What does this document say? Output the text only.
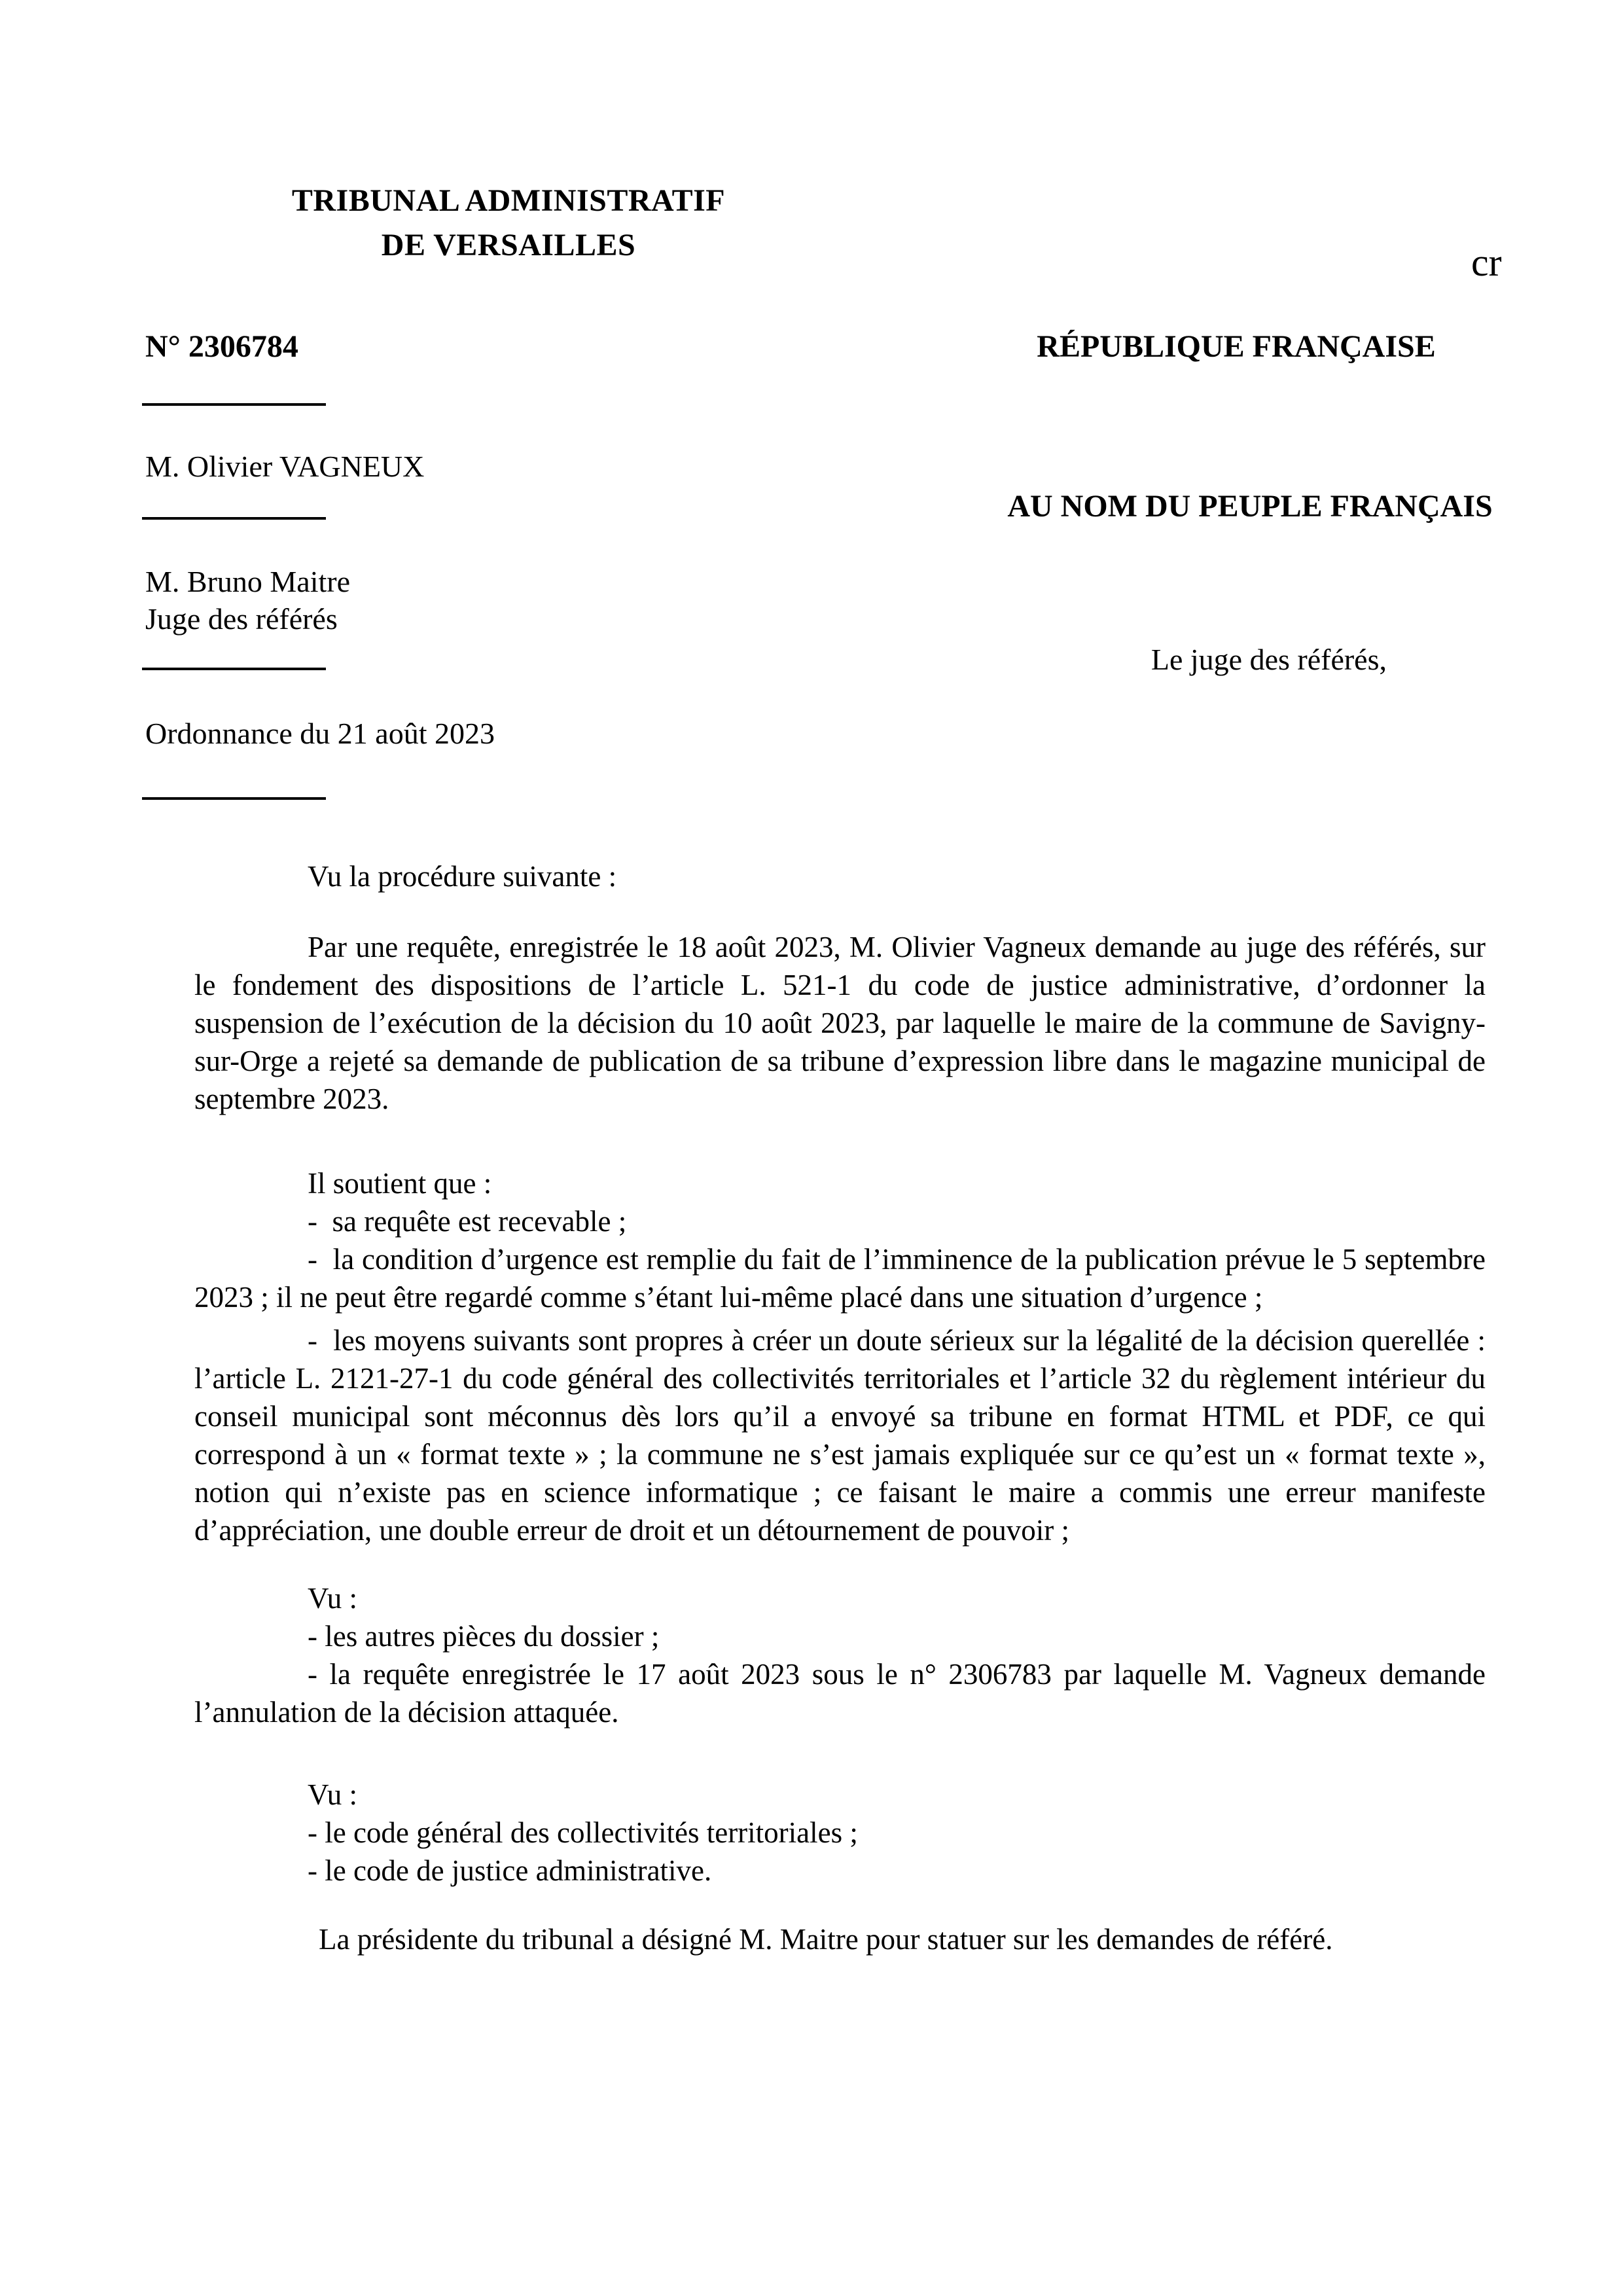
TRIBUNAL ADMINISTRATIF
DE VERSAILLES	cr
N° 2306784	RÉPUBLIQUE FRANÇAISE
M. Olivier VAGNEUX
AU NOM DU PEUPLE FRANÇAIS
M. Bruno Maitre
Juge des référés
Le juge des référés,
Ordonnance du 21 août 2023

Vu la procédure suivante :

Par une requête, enregistrée le 18 août 2023, M. Olivier Vagneux demande au juge des référés, sur le fondement des dispositions de l’article L. 521-1 du code de justice administrative, d’ordonner la suspension de l’exécution de la décision du 10 août 2023, par laquelle le maire de la commune de Savigny-sur-Orge a rejeté sa demande de publication de sa tribune d’expression libre dans le magazine municipal de septembre 2023.

Il soutient que :

-  sa requête est recevable ;

-  la condition d’urgence est remplie du fait de l’imminence de la publication prévue le 5 septembre 2023 ; il ne peut être regardé comme s’étant lui-même placé dans une situation d’urgence ;

-  les moyens suivants sont propres à créer un doute sérieux sur la légalité de la décision querellée : l’article L. 2121-27-1 du code général des collectivités territoriales et l’article 32 du règlement intérieur du conseil municipal sont méconnus dès lors qu’il a envoyé sa tribune en format HTML et PDF, ce qui correspond à un « format texte » ; la commune ne s’est jamais expliquée sur ce qu’est un « format texte », notion qui n’existe pas en science informatique ; ce faisant le maire a commis une erreur manifeste d’appréciation, une double erreur de droit et un détournement de pouvoir ;

Vu :

- les autres pièces du dossier ;

- la requête enregistrée le 17 août 2023 sous le n° 2306783 par laquelle M. Vagneux demande l’annulation de la décision attaquée.

Vu :

- le code général des collectivités territoriales ;

- le code de justice administrative.

La présidente du tribunal a désigné M. Maitre pour statuer sur les demandes de référé.
